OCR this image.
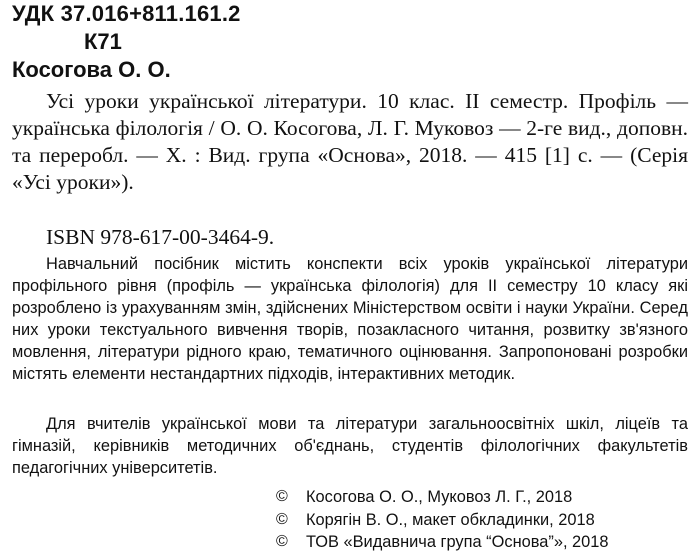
УДК 37.016+811.161.2
К71
Косогова О. О.
Усі уроки української літератури. 10 клас. ІІ семестр. Профіль — українська філологія / О. О. Косогова, Л. Г. Муковоз — 2-ге вид., доповн. та переробл. — Х. : Вид. група «Основа», 2018. — 415 [1] с. — (Серія «Усі уроки»).
ISBN 978-617-00-3464-9.
Навчальний посібник містить конспекти всіх уроків української літератури профільного рівня (профіль — українська філологія) для ІІ семестру 10 класу які розроблено із урахуванням змін, здійснених Міністерством освіти і науки України. Серед них уроки текстуального вивчення творів, позакласного читання, розвитку зв'язного мовлення, літератури рідного краю, тематичного оцінювання. Запропоновані розробки містять елементи нестандартних підходів, інтерактивних методик.
Для вчителів української мови та літератури загальноосвітніх шкіл, ліцеїв та гімназій, керівників методичних об'єднань, студентів філологічних факультетів педагогічних університетів.
©	Косогова О. О., Муковоз Л. Г., 2018
©	Корягін В. О., макет обкладинки, 2018
©	ТОВ «Видавнича група “Основа”», 2018
